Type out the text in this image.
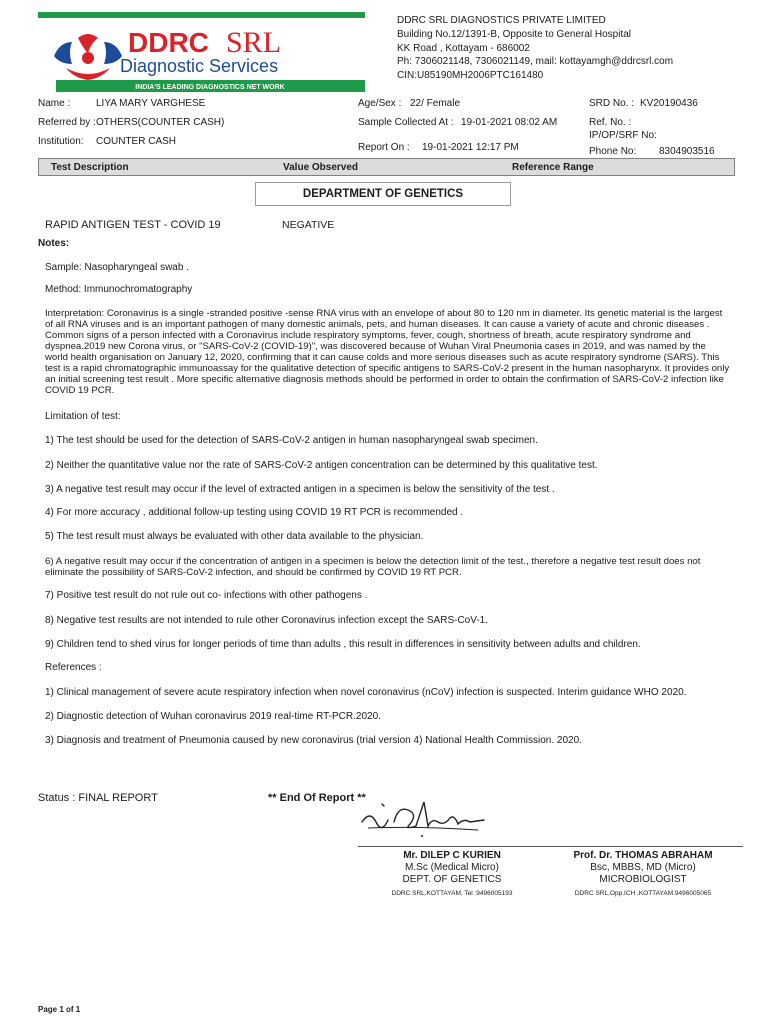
DDRC SRL
Diagnostic Services
INDIA'S LEADING DIAGNOSTICS NET WORK
DDRC SRL DIAGNOSTICS PRIVATE LIMITED
Building No.12/1391-B, Opposite to General Hospital
KK Road , Kottayam - 686002
Ph: 7306021148, 7306021149, mail: kottayamgh@ddrcsrl.com
CIN:U85190MH2006PTC161480
Name :	LIYA MARY VARGHESE	Age/Sex : 22/ Female	SRD No. : KV20190436
Referred by : OTHERS(COUNTER CASH)	Sample Collected At : 19-01-2021 08:02 AM	Ref. No. :
IP/OP/SRF No:
Institution: COUNTER CASH
Report On : 19-01-2021 12:17 PM	Phone No: 8304903516
Test Description	Value Observed	Reference Range
DEPARTMENT OF GENETICS
RAPID ANTIGEN TEST - COVID 19	NEGATIVE
Notes:
Sample: Nasopharyngeal swab .
Method: Immunochromatography
Interpretation: Coronavirus is a single -stranded positive -sense RNA virus with an envelope of about 80 to 120 nm in diameter. Its genetic material is the largest of all RNA viruses and is an important pathogen of many domestic animals, pets, and human diseases. It can cause a variety of acute and chronic diseases . Common signs of a person infected with a Coronavirus include respiratory symptoms, fever, cough, shortness of breath, acute respiratory syndrome and dyspnea.2019 new Corona virus, or "SARS-CoV-2 (COVID-19)", was discovered because of Wuhan Viral Pneumonia cases in 2019, and was named by the world health organisation on January 12, 2020, confirming that it can cause colds and more serious diseases such as acute respiratory syndrome (SARS). This test is a rapid chromatographic immunoassay for the qualitative detection of specific antigens to SARS-CoV-2 present in the human nasopharynx. It provides only an initial screening test result . More specific alternative diagnosis methods should be performed in order to obtain the confirmation of SARS-CoV-2 infection like COVID 19 PCR.
Limitation of test:
1) The test should be used for the detection of SARS-CoV-2 antigen in human nasopharyngeal swab specimen.
2) Neither the quantitative value nor the rate of SARS-CoV-2 antigen concentration can be determined by this qualitative test.
3) A negative test result may occur if the level of extracted antigen in a specimen is below the sensitivity of the test .
4) For more accuracy , additional follow-up testing using COVID 19 RT PCR is recommended .
5) The test result must always be evaluated with other data available to the physician.
6) A negative result may occur if the concentration of antigen in a specimen is below the detection limit of the test., therefore a negative test result does not eliminate the possibility of SARS-CoV-2 infection, and should be confirmed by COVID 19 RT PCR.
7) Positive test result do not rule out co- infections with other pathogens .
8) Negative test results are not intended to rule other Coronavirus infection except the SARS-CoV-1.
9) Children tend to shed virus for longer periods of time than adults , this result in differences in sensitivity between adults and children.
References :
1) Clinical management of severe acute respiratory infection when novel coronavirus (nCoV) infection is suspected. Interim guidance WHO 2020.
2) Diagnostic detection of Wuhan coronavirus 2019 real-time RT-PCR.2020.
3) Diagnosis and treatment of Pneumonia caused by new coronavirus (trial version 4) National Health Commission. 2020.
Status : FINAL REPORT	** End Of Report **
Mr. DILEP C KURIEN
M.Sc (Medical Micro)
DEPT. OF GENETICS
DDRC SRL,KOTTAYAM, Tel :9496005193
Prof. Dr. THOMAS ABRAHAM
Bsc, MBBS, MD (Micro)
MICROBIOLOGIST
DDRC SRL,Opp.ICH ,KOTTAYAM.9496005065
Page 1 of 1
